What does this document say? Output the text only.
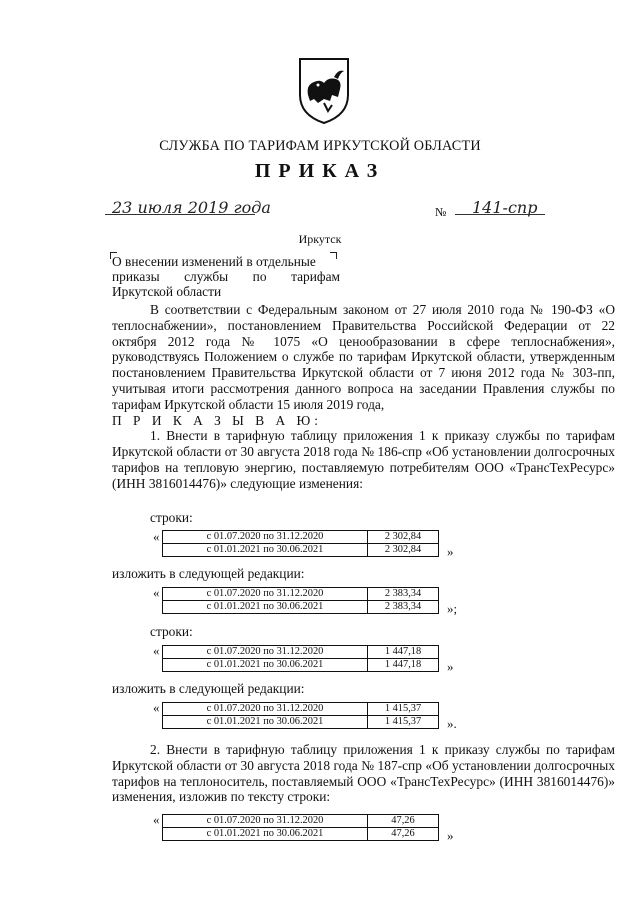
СЛУЖБА ПО ТАРИФАМ ИРКУТСКОЙ ОБЛАСТИ
ПРИКАЗ
23 июля 2019 года	№ 141-спр
Иркутск
О внесении изменений в отдельные
приказы службы по тарифам
Иркутской области

В соответствии с Федеральным законом от 27 июля 2010 года № 190-ФЗ «О теплоснабжении», постановлением Правительства Российской Федерации от 22 октября 2012 года № 1075 «О ценообразовании в сфере теплоснабжения», руководствуясь Положением о службе по тарифам Иркутской области, утвержденным постановлением Правительства Иркутской области от 7 июня 2012 года № 303-пп, учитывая итоги рассмотрения данного вопроса на заседании Правления службы по тарифам Иркутской области 15 июля 2019 года,

П Р И К А З Ы В А Ю:

1. Внести в тарифную таблицу приложения 1 к приказу службы по тарифам Иркутской области от 30 августа 2018 года № 186-спр «Об установлении долгосрочных тарифов на тепловую энергию, поставляемую потребителям ООО «ТрансТехРесурс» (ИНН 3816014476)» следующие изменения:

строки:
«	с 01.07.2020 по 31.12.2020	2 302,84
с 01.01.2021 по 30.06.2021	2 302,84 »
изложить в следующей редакции:
«	с 01.07.2020 по 31.12.2020	2 383,34
с 01.01.2021 по 30.06.2021	2 383,34 »;
строки:
«	с 01.07.2020 по 31.12.2020	1 447,18
с 01.01.2021 по 30.06.2021	1 447,18 »
изложить в следующей редакции:
«	с 01.07.2020 по 31.12.2020	1 415,37
с 01.01.2021 по 30.06.2021	1 415,37 ».

2. Внести в тарифную таблицу приложения 1 к приказу службы по тарифам Иркутской области от 30 августа 2018 года № 187-спр «Об установлении долгосрочных тарифов на теплоноситель, поставляемый ООО «ТрансТехРесурс» (ИНН 3816014476)» изменения, изложив по тексту строки:

«	с 01.07.2020 по 31.12.2020	47,26
с 01.01.2021 по 30.06.2021	47,26 »
